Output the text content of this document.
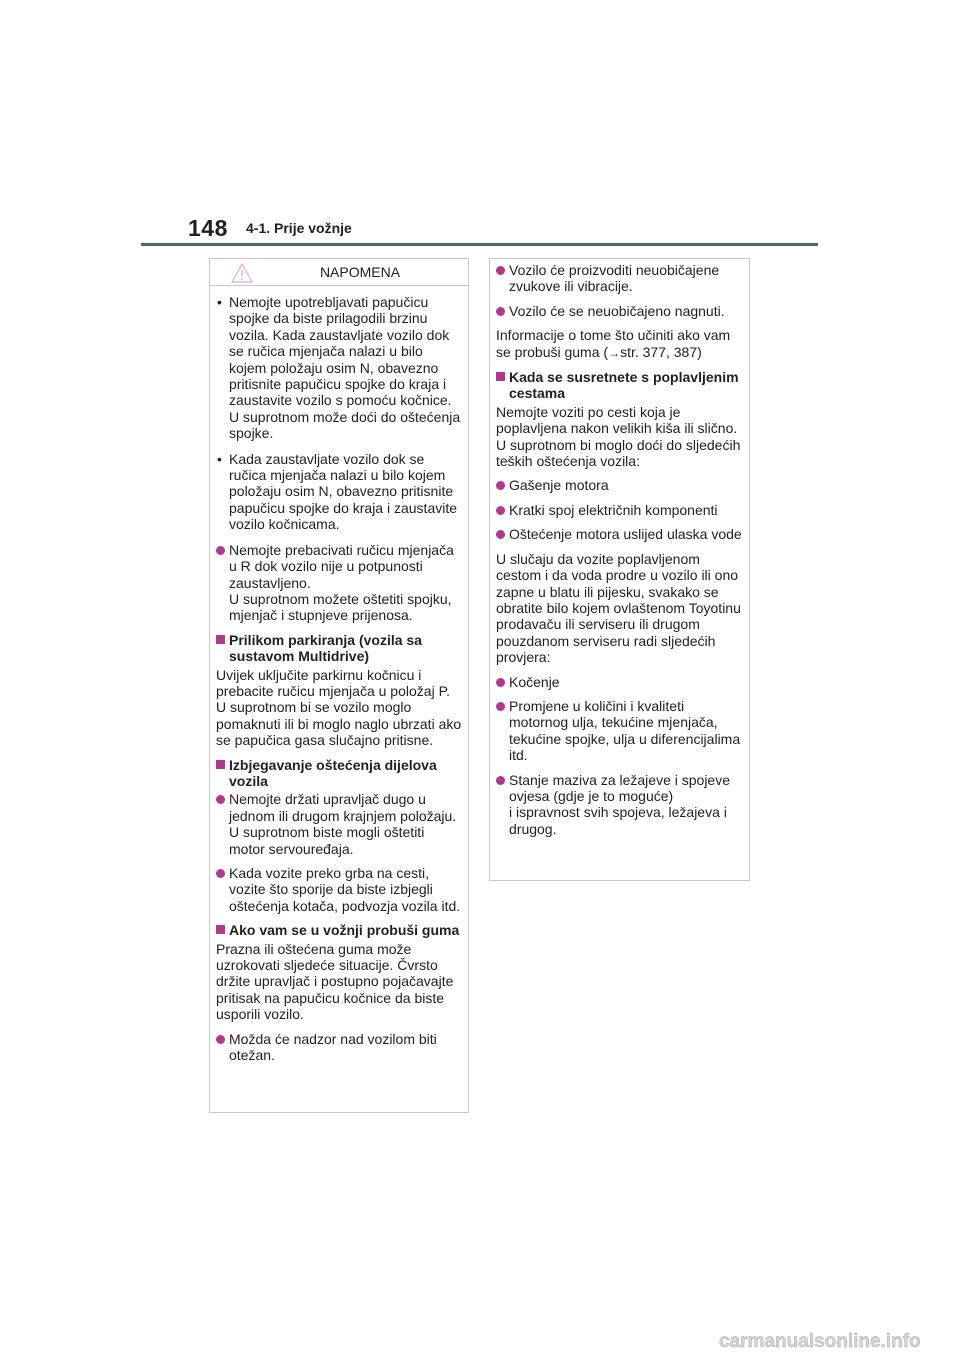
148 4-1. Prije vožnje
NAPOMENA
• Nemojte upotrebljavati papučicu spojke da biste prilagodili brzinu vozila. Kada zaustavljate vozilo dok se ručica mjenjača nalazi u bilo kojem položaju osim N, obavezno pritisnite papučicu spojke do kraja i zaustavite vozilo s pomoću kočnice. U suprotnom može doći do oštećenja spojke.
• Kada zaustavljate vozilo dok se ručica mjenjača nalazi u bilo kojem položaju osim N, obavezno pritisnite papučicu spojke do kraja i zaustavite vozilo kočnicama.
Nemojte prebacivati ručicu mjenjača u R dok vozilo nije u potpunosti zaustavljeno.
U suprotnom možete oštetiti spojku, mjenjač i stupnjeve prijenosa.
Prilikom parkiranja (vozila sa sustavom Multidrive)

Uvijek uključite parkirnu kočnicu i prebacite ručicu mjenjača u položaj P. U suprotnom bi se vozilo moglo pomaknuti ili bi moglo naglo ubrzati ako se papučica gasa slučajno pritisne.

Izbjegavanje oštećenja dijelova vozila
Nemojte držati upravljač dugo u jednom ili drugom krajnjem položaju. U suprotnom biste mogli oštetiti motor servouređaja.
Kada vozite preko grba na cesti, vozite što sporije da biste izbjegli oštećenja kotača, podvozja vozila itd.
Ako vam se u vožnji probuši guma

Prazna ili oštećena guma može uzrokovati sljedeće situacije. Čvrsto držite upravljač i postupno pojačavajte pritisak na papučicu kočnice da biste usporili vozilo.

Možda će nadzor nad vozilom biti otežan.
Vozilo će proizvoditi neuobičajene zvukove ili vibracije.
Vozilo će se neuobičajeno nagnuti.

Informacije o tome što učiniti ako vam se probuši guma (→str. 377, 387)

Kada se susretnete s poplavljenim cestama

Nemojte voziti po cesti koja je poplavljena nakon velikih kiša ili slično. U suprotnom bi moglo doći do sljedećih teških oštećenja vozila:

Gašenje motora
Kratki spoj električnih komponenti
Oštećenje motora uslijed ulaska vode

U slučaju da vozite poplavljenom cestom i da voda prodre u vozilo ili ono zapne u blatu ili pijesku, svakako se obratite bilo kojem ovlaštenom Toyotinu prodavaču ili serviseru ili drugom pouzdanom serviseru radi sljedećih provjera:

Kočenje
Promjene u količini i kvaliteti motornog ulja, tekućine mjenjača, tekućine spojke, ulja u diferencijalima itd.
Stanje maziva za ležajeve i spojeve ovjesa (gdje je to moguće)
i ispravnost svih spojeva, ležajeva i drugog.
carmanualsonline.info
